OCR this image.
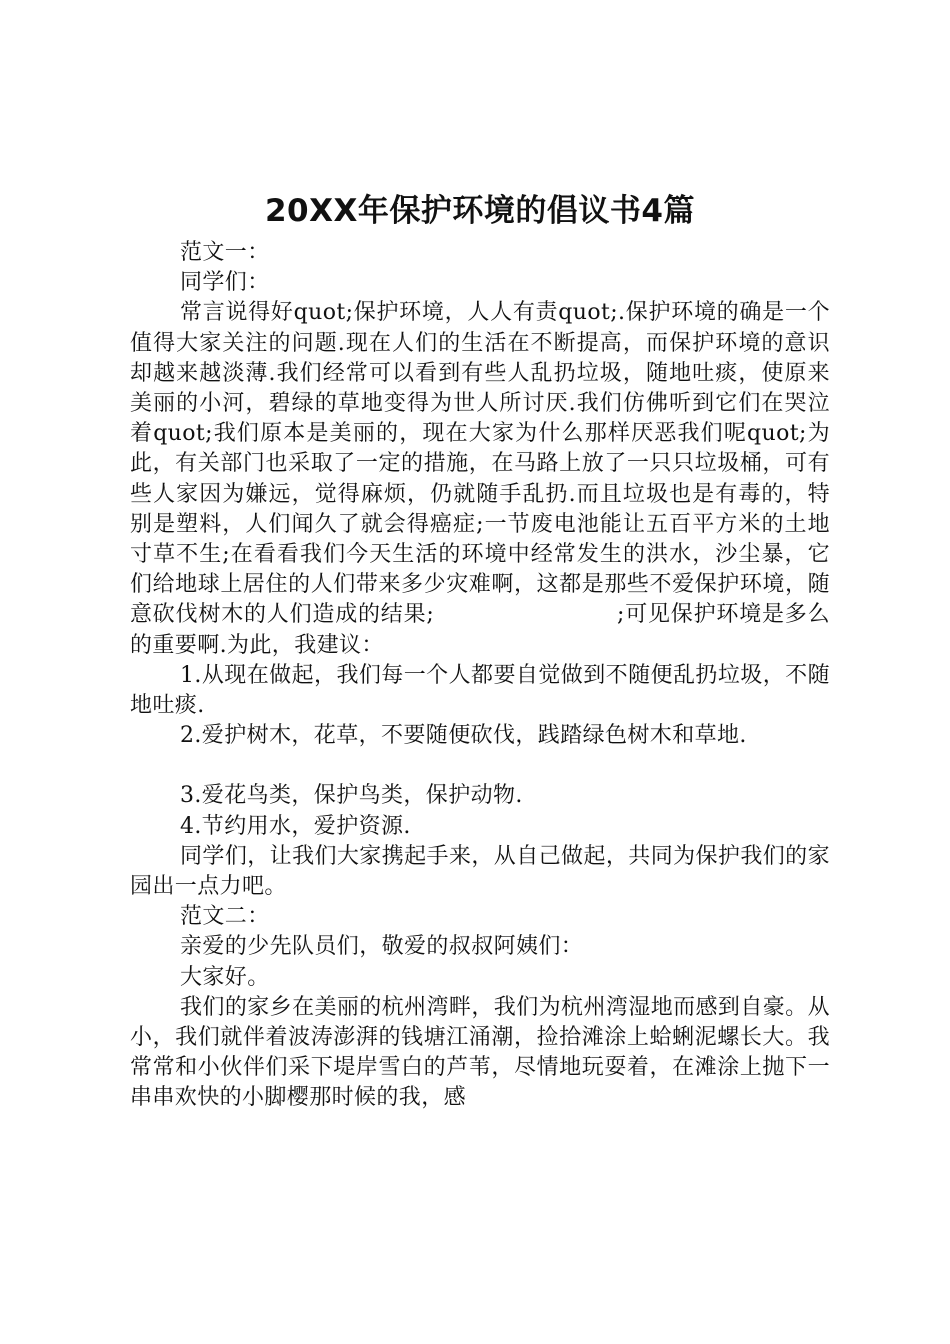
20XX年保护环境的倡议书4篇

范文一：

同学们：

常言说得好quot;保护环境，人人有责quot;.保护环境的确是一个值得大家关注的问题.现在人们的生活在不断提高，而保护环境的意识却越来越淡薄.我们经常可以看到有些人乱扔垃圾，随地吐痰，使原来美丽的小河，碧绿的草地变得为世人所讨厌.我们仿佛听到它们在哭泣着quot;我们原本是美丽的，现在大家为什么那样厌恶我们呢quot;为此，有关部门也采取了一定的措施，在马路上放了一只只垃圾桶，可有些人家因为嫌远，觉得麻烦，仍就随手乱扔.而且垃圾也是有毒的，特别是塑料，人们闻久了就会得癌症;一节废电池能让五百平方米的土地寸草不生;在看看我们今天生活的环境中经常发生的洪水，沙尘暴，它们给地球上居住的人们带来多少灾难啊，这都是那些不爱保护环境，随意砍伐树木的人们造成的结果;　　　　　　　　;可见保护环境是多么的重要啊.为此，我建议：

1.从现在做起，我们每一个人都要自觉做到不随便乱扔垃圾，不随地吐痰.

2.爱护树木，花草，不要随便砍伐，践踏绿色树木和草地.

3.爱花鸟类，保护鸟类，保护动物.

4.节约用水，爱护资源.

同学们，让我们大家携起手来，从自己做起，共同为保护我们的家园出一点力吧。

范文二：

亲爱的少先队员们，敬爱的叔叔阿姨们：

大家好。

我们的家乡在美丽的杭州湾畔，我们为杭州湾湿地而感到自豪。从小，我们就伴着波涛澎湃的钱塘江涌潮，捡拾滩涂上蛤蜊泥螺长大。我常常和小伙伴们采下堤岸雪白的芦苇，尽情地玩耍着，在滩涂上抛下一串串欢快的小脚樱那时候的我，感
